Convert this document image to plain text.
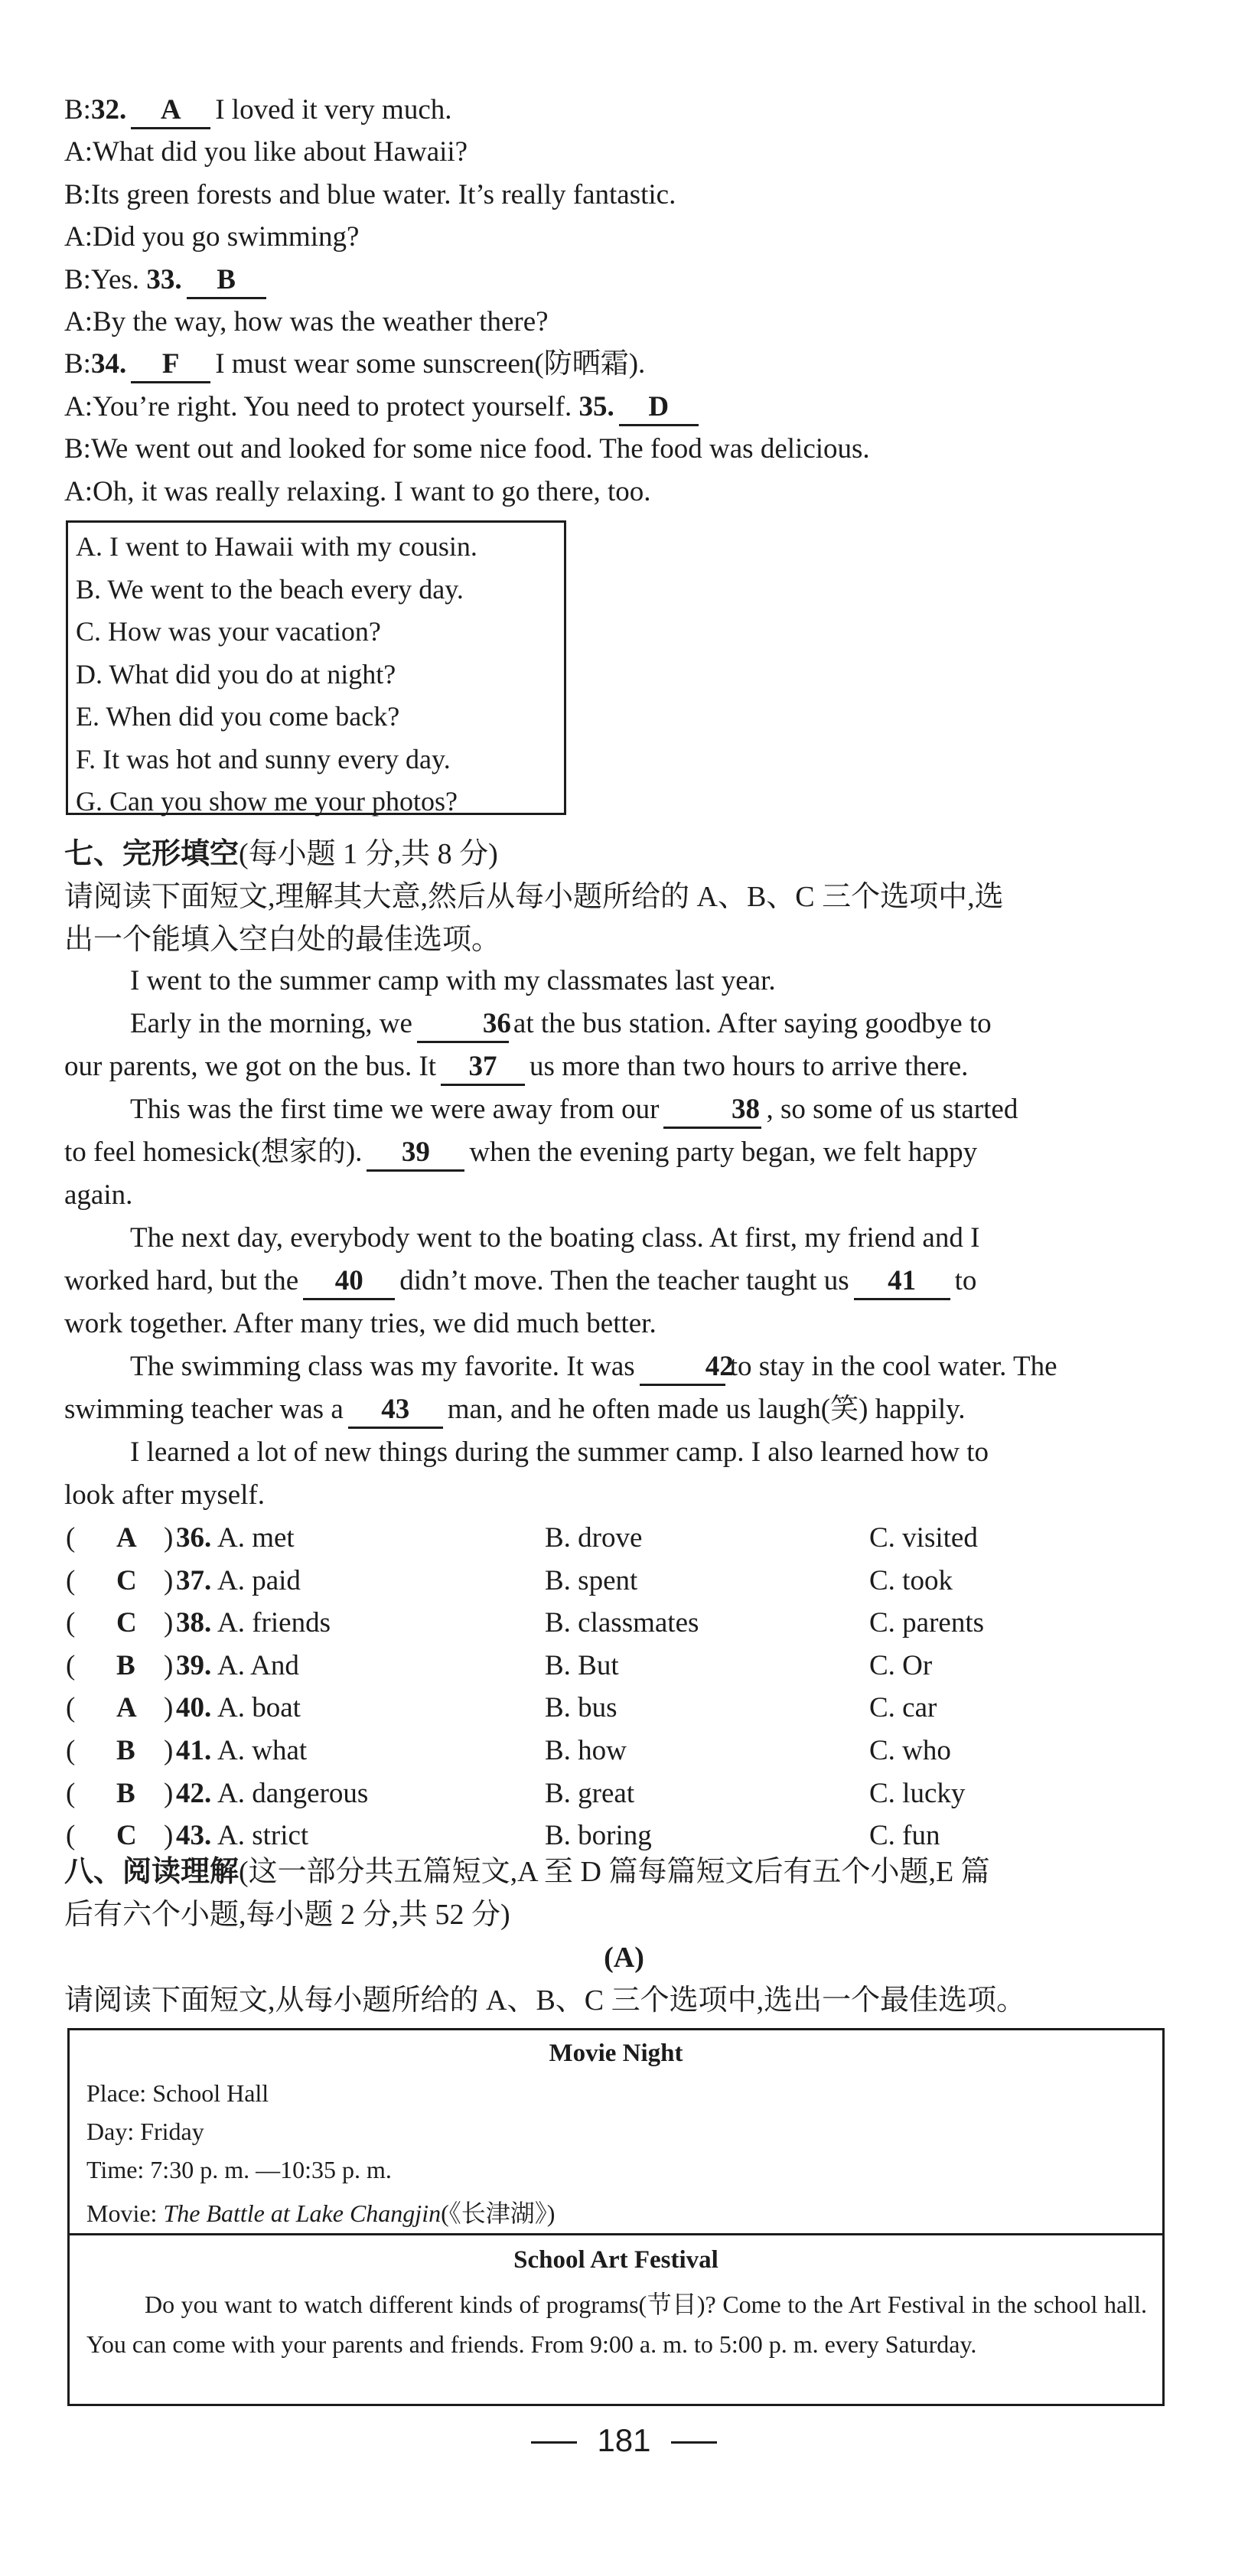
B:32. A I loved it very much.
A:What did you like about Hawaii?
B:Its green forests and blue water. It’s really fantastic.
A:Did you go swimming?
B:Yes. 33. B
A:By the way, how was the weather there?
B:34. F I must wear some sunscreen(防晒霜).
A:You’re right. You need to protect yourself. 35. D
B:We went out and looked for some nice food. The food was delicious.
A:Oh, it was really relaxing. I want to go there, too.
A. I went to Hawaii with my cousin.
B. We went to the beach every day.
C. How was your vacation?
D. What did you do at night?
E. When did you come back?
F. It was hot and sunny every day.
G. Can you show me your photos?
七、完形填空(每小题 1 分,共 8 分)
请阅读下面短文,理解其大意,然后从每小题所给的 A、B、C 三个选项中,选
出一个能填入空白处的最佳选项。
I went to the summer camp with my classmates last year.
Early in the morning, we 36at the bus station. After saying goodbye to
our parents, we got on the bus. It 37 us more than two hours to arrive there.
This was the first time we were away from our	38 , so some of us started
to feel homesick(想家的). 39 when the evening party began, we felt happy
again.
The next day, everybody went to the boating class. At first, my friend and I
worked hard, but the 40 didn’t move. Then the teacher taught us 41 to
work together. After many tries, we did much better.
The swimming class was my favorite. It was 42to stay in the cool water. The
swimming teacher was a 43 man, and he often made us laugh(笑) happily.
I learned a lot of new things during the summer camp. I also learned how to
look after myself.
( A ) 36. A. met	B. drove	C. visited
( C ) 37. A. paid	B. spent	C. took
( C ) 38. A. friends	B. classmates	C. parents
( B ) 39. A. And	B. But	C. Or
( A ) 40. A. boat	B. bus	C. car
( B ) 41. A. what	B. how	C. who
( B ) 42. A. dangerous	B. great	C. lucky
( C ) 43. A. strict	B. boring	C. fun
八、阅读理解(这一部分共五篇短文,A 至 D 篇每篇短文后有五个小题,E 篇
后有六个小题,每小题 2 分,共 52 分)
(A)
请阅读下面短文,从每小题所给的 A、B、C 三个选项中,选出一个最佳选项。
Movie Night
Place: School Hall
Day: Friday
Time: 7:30 p. m. —10:35 p. m.
Movie: The Battle at Lake Changjin(《长津湖》)
School Art Festival
Do you want to watch different kinds of programs(节目)? Come to the Art Festival in the school hall. You can come with your parents and friends. From 9:00 a. m. to 5:00 p. m. every Saturday.
181
